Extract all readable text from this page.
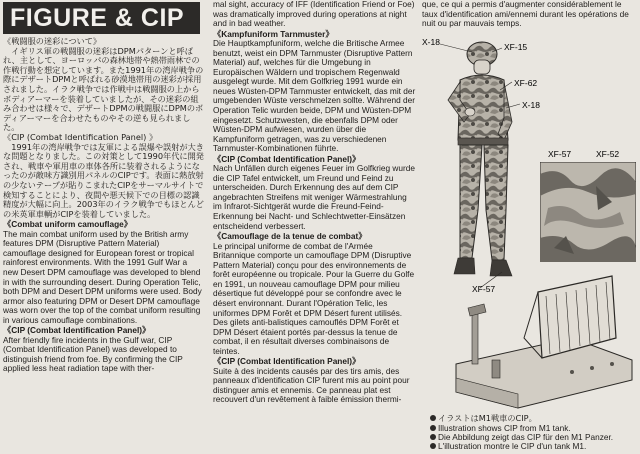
FIGURE & CIP

《戦闘服の迷彩について》

　イギリス軍の戦闘服の迷彩はDPMパターンと呼ばれ、主として、ヨーロッパの森林地帯や熱帯雨林での作戦行動を想定しています。また1991年の湾岸戦争の際にデザートDPMと呼ばれる砂漠地帯用の迷彩が採用されました。イラク戦争では作戦中は戦闘服の上からボディアーマーを装着していましたが、その迷彩の組み合わせは様々で、デザートDPMの戦闘服にDPMのボディアーマーを合わせたものやその逆も見られました。

《CIP (Combat Identification Panel) 》

　1991年の湾岸戦争では友軍による誤爆や誤射が大きな問題となりました。この対策として1990年代に開発され、戦車や軍用車の車体各所に装着されるようになったのが敵味方識別用パネルのCIPです。表面に熱放射の少ないテープが貼りこまれたCIPをサーマルサイトで検知することにより、夜間や悪天候下での目標の認識精度が大幅に向上。2003年のイラク戦争でもほとんどの米英軍車輌がCIPを装着していました。

《Combat uniform camouflage》

The main combat uniform used by the British army features DPM (Disruptive Pattern Material) camouflage designed for European forest or tropical rainforest environments. With the 1991 Gulf War a new Desert DPM camouflage was developed to blend in with the surrounding desert. During Operation Telic, both DPM and Desert DPM uniforms were used. Body armor also featuring DPM or Desert DPM camouflage was worn over the top of the combat uniform resulting in various camouflage combinations.

《CIP (Combat Identification Panel)》

After friendly fire incidents in the Gulf war, CIP (Combat Identification Panel) was developed to distinguish friend from foe. By confirming the CIP applied less heat radiation tape with ther-

mal sight, accuracy of IFF (Identification Friend or Foe) was dramatically improved during operations at night and in bad weather.

《Kampfuniform Tarnmuster》

Die Hauptkampfuniform, welche die Britische Armee benutzt, weist ein DPM Tarnmuster (Disruptive Pattern Material) auf, welches für die Umgebung in Europäischen Wäldern und tropischem Regenwald ausgelegt wurde. Mit dem Golfkrieg 1991 wurde ein neues Wüsten-DPM Tarnmuster entwickelt, das mit der umgebenden Wüste verschmelzen sollte. Während der Operation Telic wurden beide, DPM und Wüsten-DPM eingesetzt. Schutzwesten, die ebenfalls DPM oder Wüsten-DPM aufwiesen, wurden über die Kampfuniform getragen, was zu verschiedenen Tarnmuster-Kombinationen führte.

《CIP (Combat Identification Panel)》

Nach Unfällen durch eigenes Feuer im Golfkrieg wurde die CIP Tafel entwickelt, um Freund und Feind zu unterscheiden. Durch Erkennung des auf dem CIP angebrachten Streifens mit weniger Wärmestrahlung im Infrarot-Sichtgerät wurde die Freund-Feind-Erkennung bei Nacht- und Schlechtwetter-Einsätzen entscheidend verbessert.

《Camouflage de la tenue de combat》

Le principal uniforme de combat de l'Armée Britannique comporte un camouflage DPM (Disruptive Pattern Material) conçu pour des environnements de forêt européenne ou tropicale. Pour la Guerre du Golfe en 1991, un nouveau camouflage DPM pour milieu désertique fut développé pour se confondre avec le désert environnant. Durant l'Opération Telic, les uniformes DPM Forêt et DPM Désert furent utilisés. Des gilets anti-balistiques camouflés DPM Forêt et DPM Désert étaient portés par-dessus la tenue de combat, il en résultait diverses combinaisons de teintes.

《CIP (Combat Identification Panel)》

Suite à des incidents causés par des tirs amis, des panneaux d'identification CIP furent mis au point pour distinguer amis et ennemis. Ce panneau plat est recouvert d'un revêtement à faible émission thermi-

que, ce qui a permis d'augmenter considérablement le taux d'identification ami/ennemi durant les opérations de nuit ou par mauvais temps.

X-18	XF-15
XF-62
X-18
XF-57	XF-52
XF-57
イラストはM1戦車のCIP。
Illustration shows CIP from M1 tank.
Die Abbildung zeigt das CIP für den M1 Panzer.
L'illustration montre le CIP d'un tank M1.
